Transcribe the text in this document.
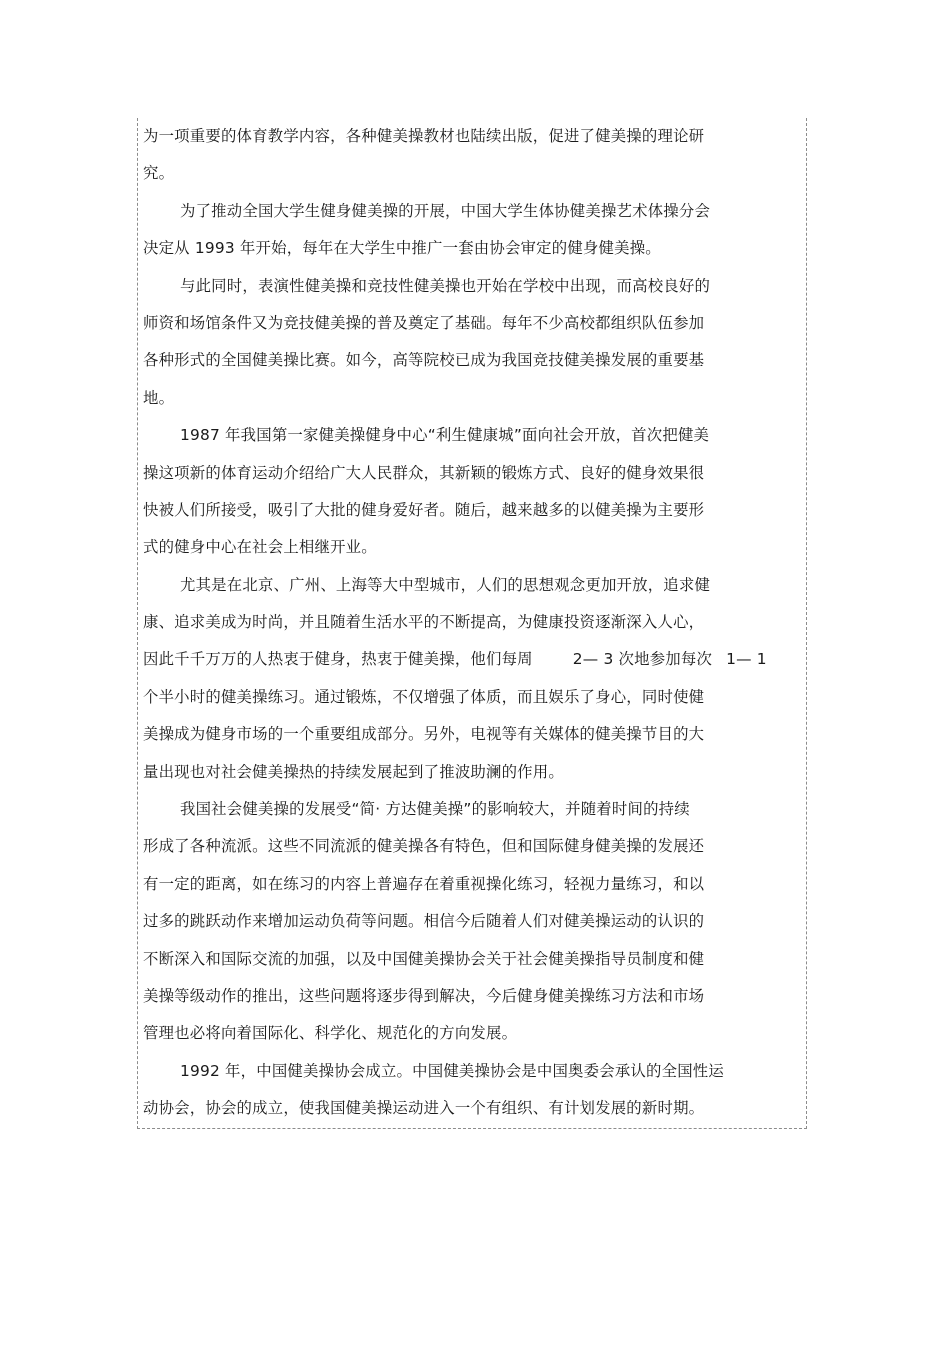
为一项重要的体育教学内容，各种健美操教材也陆续出版，促进了健美操的理论研
究。
为了推动全国大学生健身健美操的开展，中国大学生体协健美操艺术体操分会
决定从 1993 年开始，每年在大学生中推广一套由协会审定的健身健美操。
与此同时，表演性健美操和竞技性健美操也开始在学校中出现，而高校良好的
师资和场馆条件又为竞技健美操的普及奠定了基础。每年不少高校都组织队伍参加
各种形式的全国健美操比赛。如今，高等院校已成为我国竞技健美操发展的重要基
地。
1987 年我国第一家健美操健身中心“利生健康城”面向社会开放，首次把健美
操这项新的体育运动介绍给广大人民群众，其新颖的锻炼方式、良好的健身效果很
快被人们所接受，吸引了大批的健身爱好者。随后，越来越多的以健美操为主要形
式的健身中心在社会上相继开业。
尤其是在北京、广州、上海等大中型城市，人们的思想观念更加开放，追求健
康、追求美成为时尚，并且随着生活水平的不断提高，为健康投资逐渐深入人心，
因此千千万万的人热衷于健身，热衷于健美操，他们每周	2— 3 次地参加每次 1— 1
个半小时的健美操练习。通过锻炼，不仅增强了体质，而且娱乐了身心，同时使健
美操成为健身市场的一个重要组成部分。另外，电视等有关媒体的健美操节目的大
量出现也对社会健美操热的持续发展起到了推波助澜的作用。
我国社会健美操的发展受“简· 方达健美操”的影响较大，并随着时间的持续
形成了各种流派。这些不同流派的健美操各有特色，但和国际健身健美操的发展还
有一定的距离，如在练习的内容上普遍存在着重视操化练习，轻视力量练习，和以
过多的跳跃动作来增加运动负荷等问题。相信今后随着人们对健美操运动的认识的
不断深入和国际交流的加强，以及中国健美操协会关于社会健美操指导员制度和健
美操等级动作的推出，这些问题将逐步得到解决，今后健身健美操练习方法和市场
管理也必将向着国际化、科学化、规范化的方向发展。
1992 年，中国健美操协会成立。中国健美操协会是中国奥委会承认的全国性运
动协会，协会的成立，使我国健美操运动进入一个有组织、有计划发展的新时期。
